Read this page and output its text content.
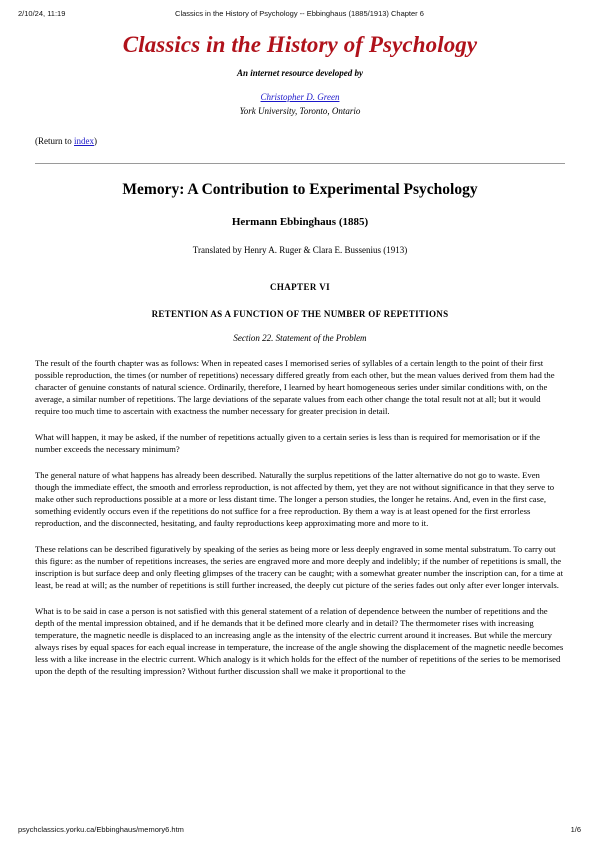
2/10/24, 11:19	Classics in the History of Psychology -- Ebbinghaus (1885/1913) Chapter 6
Classics in the History of Psychology

An internet resource developed by

Christopher D. Green

York University, Toronto, Ontario

(Return to index)

Memory: A Contribution to Experimental Psychology
Hermann Ebbinghaus (1885)

Translated by Henry A. Ruger & Clara E. Bussenius (1913)

CHAPTER VI

RETENTION AS A FUNCTION OF THE NUMBER OF REPETITIONS

Section 22. Statement of the Problem

The result of the fourth chapter was as follows: When in repeated cases I memorised series of syllables of a certain length to the point of their first possible reproduction, the times (or number of repetitions) necessary differed greatly from each other, but the mean values derived from them had the character of genuine constants of natural science. Ordinarily, therefore, I learned by heart homogeneous series under similar conditions with, on the average, a similar number of repetitions. The large deviations of the separate values from each other change the total result not at all; but it would require too much time to ascertain with exactness the number necessary for greater precision in detail.

What will happen, it may be asked, if the number of repetitions actually given to a certain series is less than is required for memorisation or if the number exceeds the necessary minimum?

The general nature of what happens has already been described. Naturally the surplus repetitions of the latter alternative do not go to waste. Even though the immediate effect, the smooth and errorless reproduction, is not affected by them, yet they are not without significance in that they serve to make other such reproductions possible at a more or less distant time. The longer a person studies, the longer he retains. And, even in the first case, something evidently occurs even if the repetitions do not suffice for a free reproduction. By them a way is at least opened for the first errorless reproduction, and the disconnected, hesitating, and faulty reproductions keep approximating more and more to it.

These relations can be described figuratively by speaking of the series as being more or less deeply engraved in some mental substratum. To carry out this figure: as the number of repetitions increases, the series are engraved more and more deeply and indelibly; if the number of repetitions is small, the inscription is but surface deep and only fleeting glimpses of the tracery can be caught; with a somewhat greater number the inscription can, for a time at least, be read at will; as the number of repetitions is still further increased, the deeply cut picture of the series fades out only after ever longer intervals.

What is to be said in case a person is not satisfied with this general statement of a relation of dependence between the number of repetitions and the depth of the mental impression obtained, and if he demands that it be defined more clearly and in detail? The thermometer rises with increasing temperature, the magnetic needle is displaced to an increasing angle as the intensity of the electric current around it increases. But while the mercury always rises by equal spaces for each equal increase in temperature, the increase of the angle showing the displacement of the magnetic needle becomes less with a like increase in the electric current. Which analogy is it which holds for the effect of the number of repetitions of the series to be memorised upon the depth of the resulting impression? Without further discussion shall we make it proportional to the

psychclassics.yorku.ca/Ebbinghaus/memory6.htm	1/6
